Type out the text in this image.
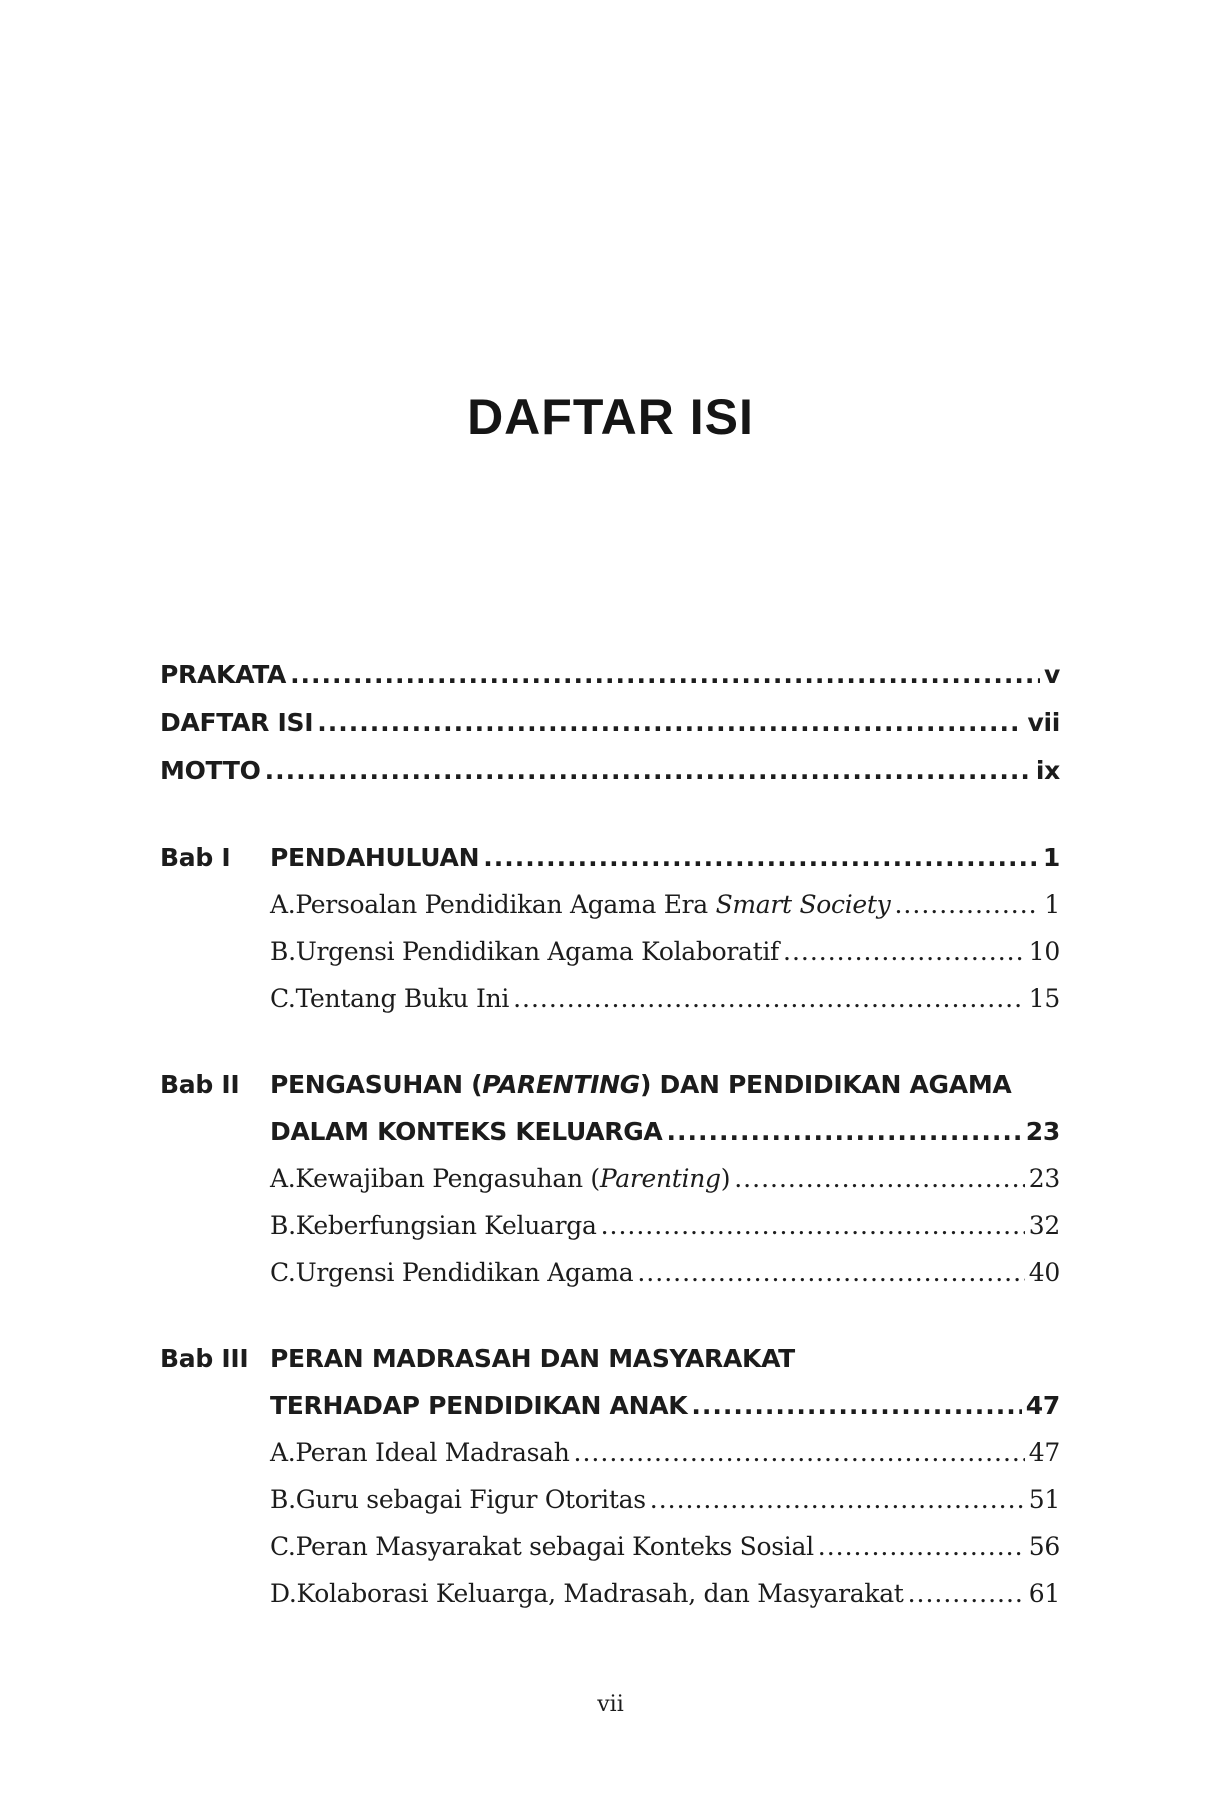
DAFTAR ISI
PRAKATA .....	v
DAFTAR ISI .....	vii
MOTTO .....	ix
Bab I PENDAHULUAN .....	1
A. Persoalan Pendidikan Agama Era Smart Society .....	1
B. Urgensi Pendidikan Agama Kolaboratif .....	10
C. Tentang Buku Ini .....	15
Bab II PENGASUHAN (PARENTING) DAN PENDIDIKAN AGAMA
DALAM KONTEKS KELUARGA .....	23
A. Kewajiban Pengasuhan (Parenting) .....	23
B. Keberfungsian Keluarga .....	32
C. Urgensi Pendidikan Agama .....	40
Bab III PERAN MADRASAH DAN MASYARAKAT
TERHADAP PENDIDIKAN ANAK .....	47
A. Peran Ideal Madrasah .....	47
B. Guru sebagai Figur Otoritas .....	51
C. Peran Masyarakat sebagai Konteks Sosial .....	56
D. Kolaborasi Keluarga, Madrasah, dan Masyarakat .....	61
vii
